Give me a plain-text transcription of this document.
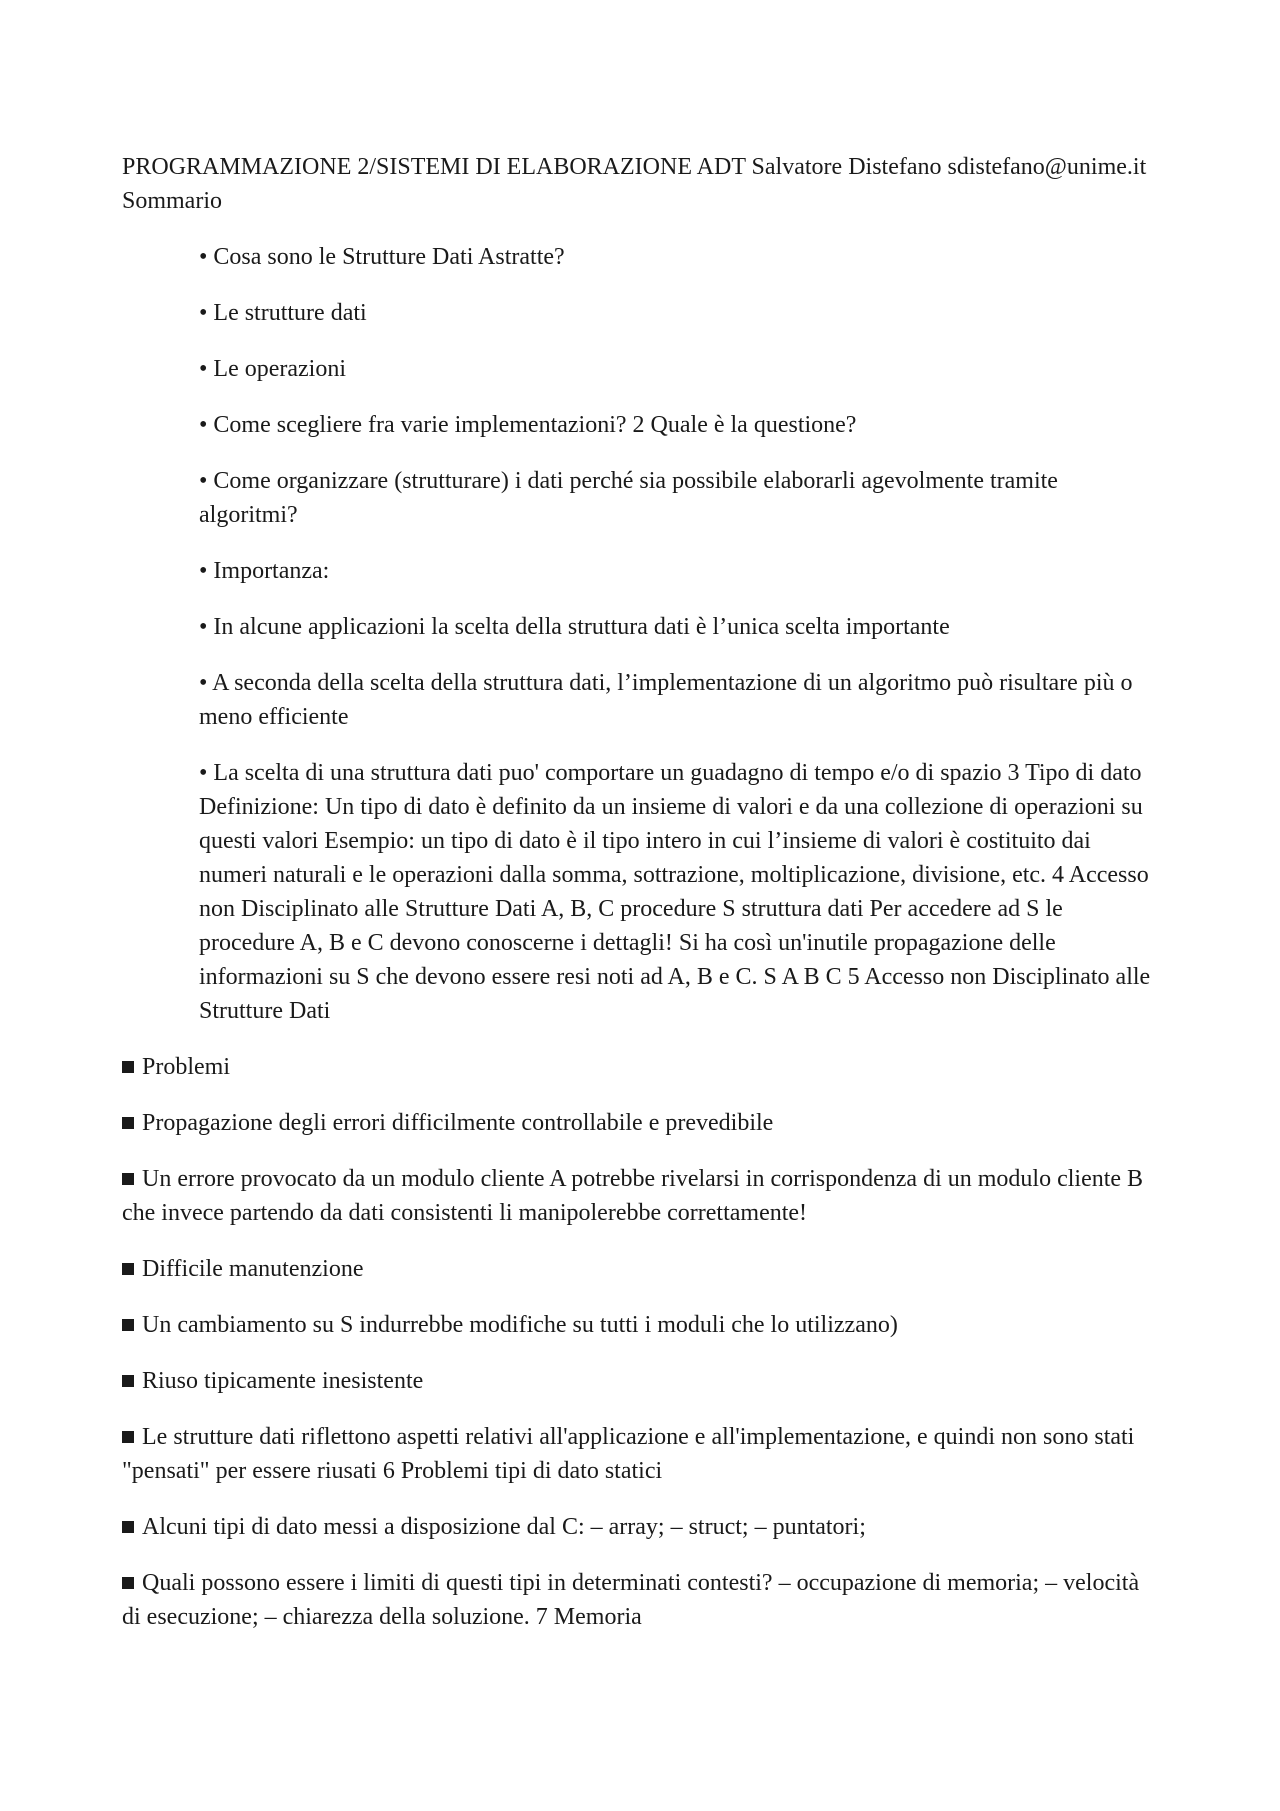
PROGRAMMAZIONE 2/SISTEMI DI ELABORAZIONE ADT Salvatore Distefano sdistefano@unime.it Sommario

• Cosa sono le Strutture Dati Astratte?
• Le strutture dati
• Le operazioni
• Come scegliere fra varie implementazioni? 2 Quale è la questione?
• Come organizzare (strutturare) i dati perché sia possibile elaborarli agevolmente tramite algoritmi?
• Importanza:
• In alcune applicazioni la scelta della struttura dati è l’unica scelta importante
• A seconda della scelta della struttura dati, l’implementazione di un algoritmo può risultare più o meno efficiente
• La scelta di una struttura dati puo' comportare un guadagno di tempo e/o di spazio 3 Tipo di dato Definizione: Un tipo di dato è definito da un insieme di valori e da una collezione di operazioni su questi valori Esempio: un tipo di dato è il tipo intero in cui l’insieme di valori è costituito dai numeri naturali e le operazioni dalla somma, sottrazione, moltiplicazione, divisione, etc. 4 Accesso non Disciplinato alle Strutture Dati A, B, C procedure S struttura dati Per accedere ad S le procedure A, B e C devono conoscerne i dettagli! Si ha così un'inutile propagazione delle informazioni su S che devono essere resi noti ad A, B e C. S A B C 5 Accesso non Disciplinato alle Strutture Dati
Problemi
Propagazione degli errori difficilmente controllabile e prevedibile
Un errore provocato da un modulo cliente A potrebbe rivelarsi in corrispondenza di un modulo cliente B che invece partendo da dati consistenti li manipolerebbe correttamente!
Difficile manutenzione
Un cambiamento su S indurrebbe modifiche su tutti i moduli che lo utilizzano)
Riuso tipicamente inesistente
Le strutture dati riflettono aspetti relativi all'applicazione e all'implementazione, e quindi non sono stati "pensati" per essere riusati 6 Problemi tipi di dato statici
Alcuni tipi di dato messi a disposizione dal C: – array; – struct; – puntatori;
Quali possono essere i limiti di questi tipi in determinati contesti? – occupazione di memoria; – velocità di esecuzione; – chiarezza della soluzione. 7 Memoria
